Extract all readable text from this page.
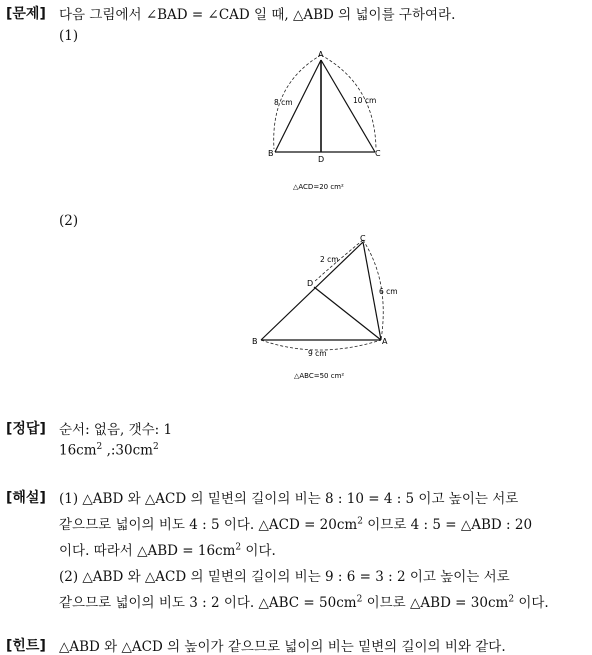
[문제] 다음 그림에서 ∠BAD = ∠CAD 일 때, △ABD 의 넓이를 구하여라.
(1)
A
B	C
D
8 cm	10 cm
△ACD=20 cm²
(2)
C
D
B	A
2 cm
6 cm
9 cm
△ABC=50 cm²
[정답] 순서: 없음, 갯수: 1
$16cm^2$ $,:30cm^2$
[해설] (1) △ABD 와 △ACD 의 밑변의 길이의 비는 8 : 10 = 4 : 5 이고 높이는 서로
같으므로 넓이의 비도 4 : 5 이다. △ACD = $20cm^2$ 이므로 4 : 5 = △ABD : 20
이다. 따라서 △ABD = $16cm^2$ 이다.
(2) △ABD 와 △ACD 의 밑변의 길이의 비는 9 : 6 = 3 : 2 이고 높이는 서로
같으므로 넓이의 비도 3 : 2 이다. △ABC = $50cm^2$ 이므로 △ABD = $30cm^2$ 이다.
[힌트] △ABD 와 △ACD 의 높이가 같으므로 넓이의 비는 밑변의 길이의 비와 같다.
